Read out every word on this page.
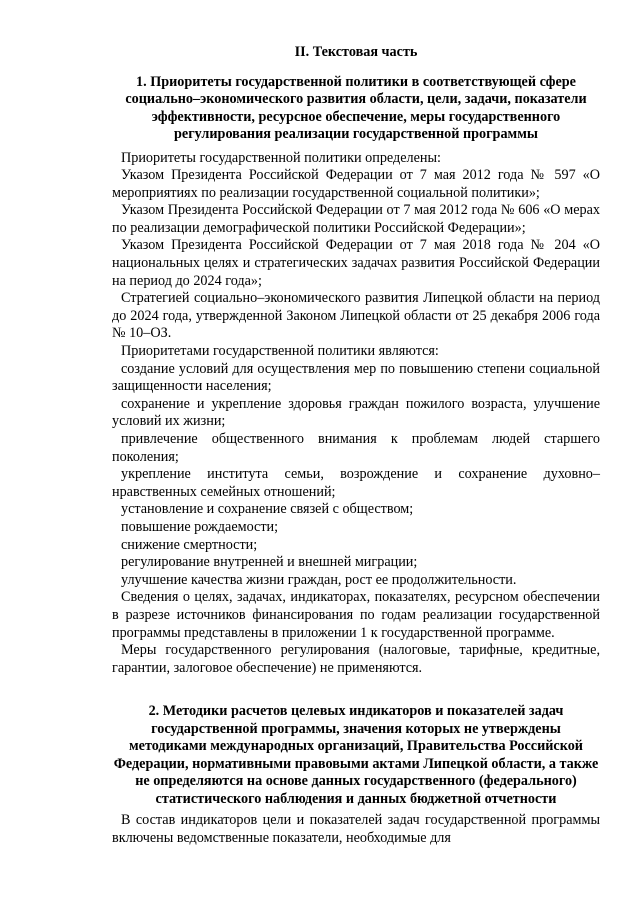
II. Текстовая часть
1. Приоритеты государственной политики в соответствующей сфере социально–экономического развития области, цели, задачи, показатели эффективности, ресурсное обеспечение, меры государственного регулирования реализации государственной программы

Приоритеты государственной политики определены:

Указом Президента Российской Федерации от 7 мая 2012 года № 597 «О мероприятиях по реализации государственной социальной политики»;

Указом Президента Российской Федерации от 7 мая 2012 года № 606 «О мерах по реализации демографической политики Российской Федерации»;

Указом Президента Российской Федерации от 7 мая 2018 года № 204 «О национальных целях и стратегических задачах развития Российской Федерации на период до 2024 года»;

Стратегией социально–экономического развития Липецкой области на период до 2024 года, утвержденной Законом Липецкой области от 25 декабря 2006 года № 10–ОЗ.

Приоритетами государственной политики являются:

создание условий для осуществления мер по повышению степени социальной защищенности населения;

сохранение и укрепление здоровья граждан пожилого возраста, улучшение условий их жизни;

привлечение общественного внимания к проблемам людей старшего поколения;

укрепление института семьи, возрождение и сохранение духовно–нравственных семейных отношений;

установление и сохранение связей с обществом;

повышение рождаемости;

снижение смертности;

регулирование внутренней и внешней миграции;

улучшение качества жизни граждан, рост ее продолжительности.

Сведения о целях, задачах, индикаторах, показателях, ресурсном обеспечении в разрезе источников финансирования по годам реализации государственной программы представлены в приложении 1 к государственной программе.

Меры государственного регулирования (налоговые, тарифные, кредитные, гарантии, залоговое обеспечение) не применяются.

2. Методики расчетов целевых индикаторов и показателей задач государственной программы, значения которых не утверждены методиками международных организаций, Правительства Российской Федерации, нормативными правовыми актами Липецкой области, а также не определяются на основе данных государственного (федерального) статистического наблюдения и данных бюджетной отчетности

В состав индикаторов цели и показателей задач государственной программы включены ведомственные показатели, необходимые для
